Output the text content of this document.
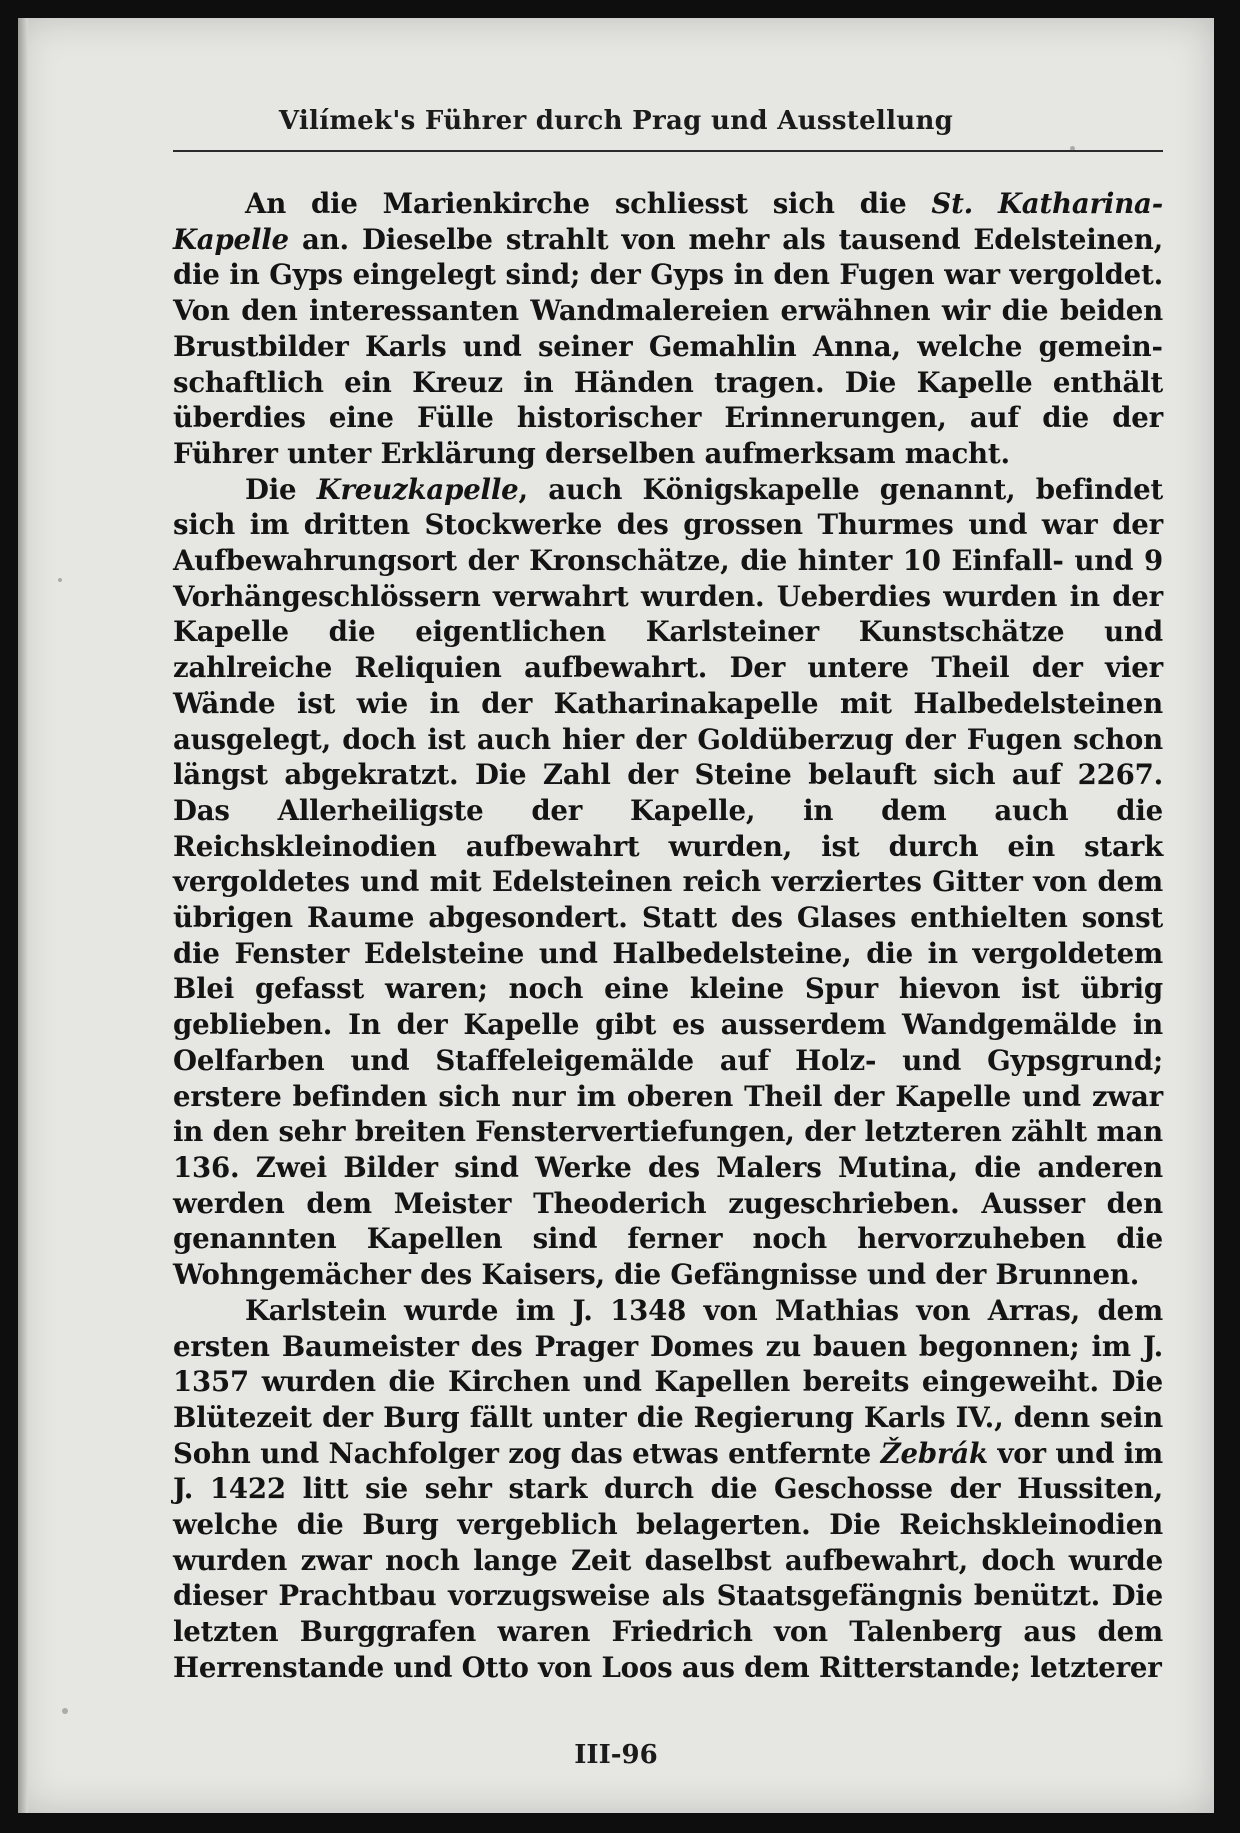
Vilímek's Führer durch Prag und Ausstellung

An die Marienkirche schliesst sich die St. Katharina-Kapelle an. Dieselbe strahlt von mehr als tausend Edelsteinen, die in Gyps eingelegt sind; der Gyps in den Fugen war vergoldet. Von den interessanten Wandmalereien erwähnen wir die beiden Brustbilder Karls und seiner Gemahlin Anna, welche gemeinschaftlich ein Kreuz in Händen tragen. Die Kapelle enthält überdies eine Fülle historischer Erinnerungen, auf die der Führer unter Erklärung derselben aufmerksam macht.

Die Kreuzkapelle, auch Königskapelle genannt, befindet sich im dritten Stockwerke des grossen Thurmes und war der Aufbewahrungsort der Kronschätze, die hinter 10 Einfall- und 9 Vorhängeschlössern verwahrt wurden. Ueberdies wurden in der Kapelle die eigentlichen Karlsteiner Kunstschätze und zahlreiche Reliquien aufbewahrt. Der untere Theil der vier Wände ist wie in der Katharinakapelle mit Halbedelsteinen ausgelegt, doch ist auch hier der Goldüberzug der Fugen schon längst abgekratzt. Die Zahl der Steine belauft sich auf 2267. Das Allerheiligste der Kapelle, in dem auch die Reichskleinodien aufbewahrt wurden, ist durch ein stark vergoldetes und mit Edelsteinen reich verziertes Gitter von dem übrigen Raume abgesondert. Statt des Glases enthielten sonst die Fenster Edelsteine und Halbedelsteine, die in vergoldetem Blei gefasst waren; noch eine kleine Spur hievon ist übrig geblieben. In der Kapelle gibt es ausserdem Wandgemälde in Oelfarben und Staffeleigemälde auf Holz- und Gypsgrund; erstere befinden sich nur im oberen Theil der Kapelle und zwar in den sehr breiten Fenstervertiefungen, der letzteren zählt man 136. Zwei Bilder sind Werke des Malers Mutina, die anderen werden dem Meister Theoderich zugeschrieben. Ausser den genannten Kapellen sind ferner noch hervorzuheben die Wohngemächer des Kaisers, die Gefängnisse und der Brunnen.

Karlstein wurde im J. 1348 von Mathias von Arras, dem ersten Baumeister des Prager Domes zu bauen begonnen; im J. 1357 wurden die Kirchen und Kapellen bereits eingeweiht. Die Blütezeit der Burg fällt unter die Regierung Karls IV., denn sein Sohn und Nachfolger zog das etwas entfernte Žebrák vor und im J. 1422 litt sie sehr stark durch die Geschosse der Hussiten, welche die Burg vergeblich belagerten. Die Reichskleinodien wurden zwar noch lange Zeit daselbst aufbewahrt, doch wurde dieser Prachtbau vorzugsweise als Staatsgefängnis benützt. Die letzten Burggrafen waren Friedrich von Talenberg aus dem Herrenstande und Otto von Loos aus dem Ritterstande; letzterer

III-96
